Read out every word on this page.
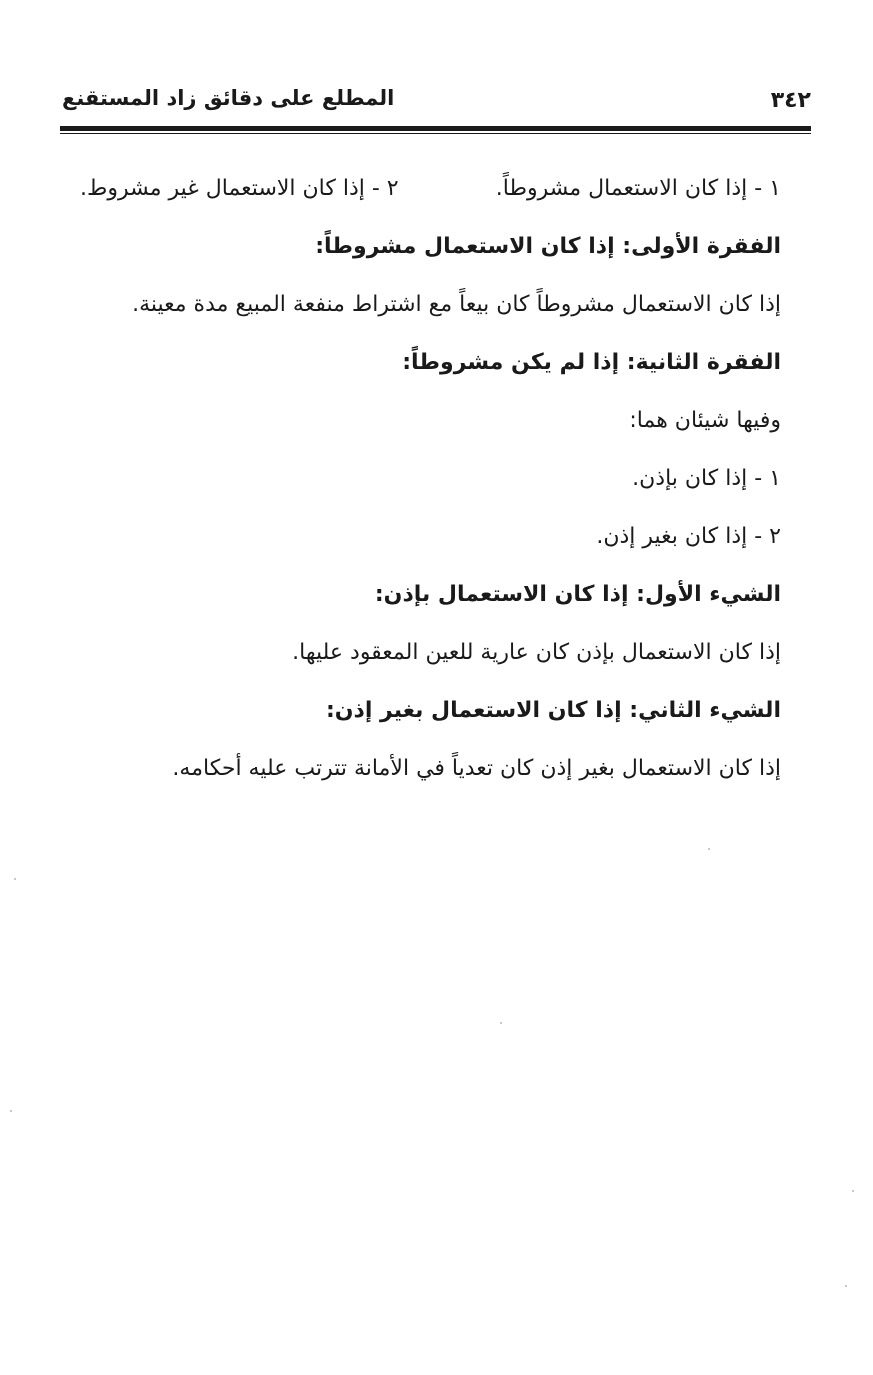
٣٤٢
المطلع على دقائق زاد المستقنع
١ - إذا كان الاستعمال مشروطاً.
٢ - إذا كان الاستعمال غير مشروط.
الفقرة الأولى: إذا كان الاستعمال مشروطاً:
إذا كان الاستعمال مشروطاً كان بيعاً مع اشتراط منفعة المبيع مدة معينة.
الفقرة الثانية: إذا لم يكن مشروطاً:
وفيها شيئان هما:
١ - إذا كان بإذن.
٢ - إذا كان بغير إذن.
الشيء الأول: إذا كان الاستعمال بإذن:
إذا كان الاستعمال بإذن كان عارية للعين المعقود عليها.
الشيء الثاني: إذا كان الاستعمال بغير إذن:
إذا كان الاستعمال بغير إذن كان تعدياً في الأمانة تترتب عليه أحكامه.
